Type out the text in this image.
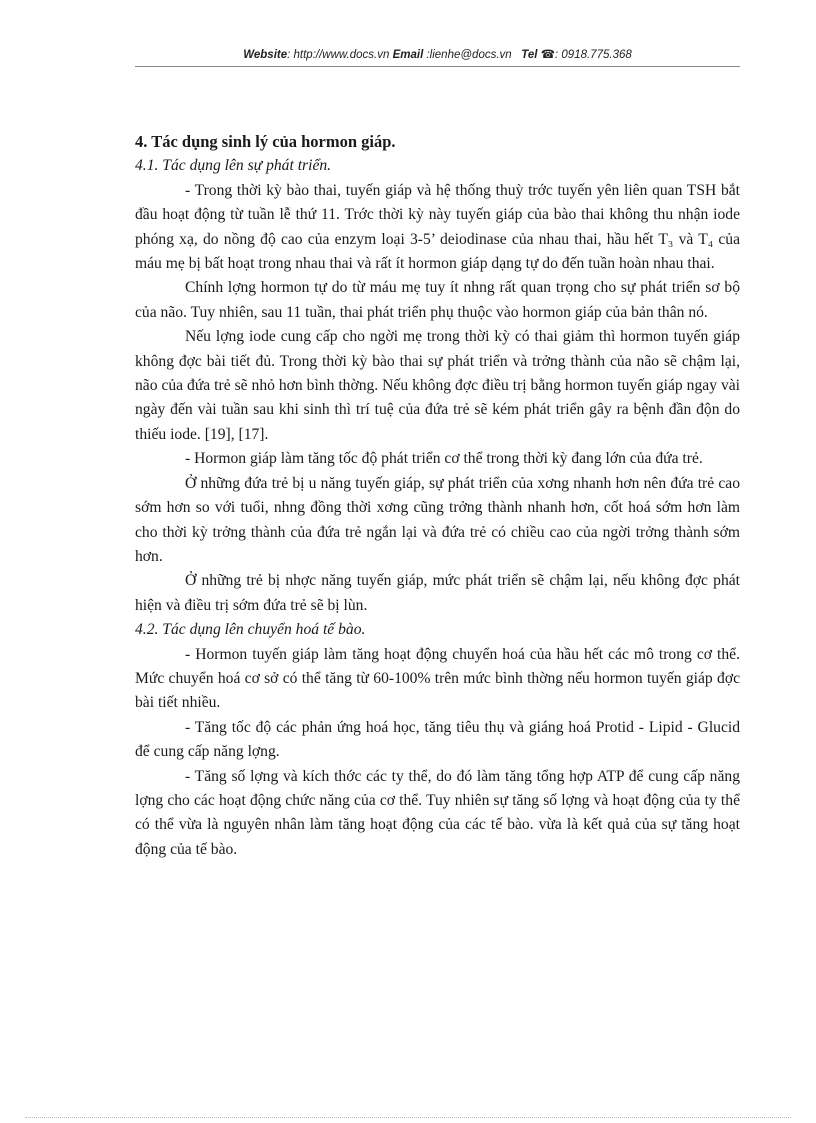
Website: http://www.docs.vn Email :lienhe@docs.vn Tel ☎: 0918.775.368
4. Tác dụng sinh lý của hormon giáp.
4.1. Tác dụng lên sự phát triển.
- Trong thời kỳ bào thai, tuyến giáp và hệ thống thuỳ trớc tuyến yên liên quan TSH bắt đầu hoạt động từ tuần lễ thứ 11. Trớc thời kỳ này tuyến giáp của bào thai không thu nhận iode phóng xạ, do nồng độ cao của enzym loại 3-5’ deiodinase của nhau thai, hầu hết T₃ và T₄ của máu mẹ bị bất hoạt trong nhau thai và rất ít hormon giáp dạng tự do đến tuần hoàn nhau thai.
Chính lợng hormon tự do từ máu mẹ tuy ít nhng rất quan trọng cho sự phát triển sơ bộ của não. Tuy nhiên, sau 11 tuần, thai phát triển phụ thuộc vào hormon giáp của bản thân nó.
Nếu lợng iode cung cấp cho ngời mẹ trong thời kỳ có thai giảm thì hormon tuyến giáp không đợc bài tiết đủ. Trong thời kỳ bào thai sự phát triển và trởng thành của não sẽ chậm lại, não của đứa trẻ sẽ nhỏ hơn bình thờng. Nếu không đợc điều trị bằng hormon tuyến giáp ngay vài ngày đến vài tuần sau khi sinh thì trí tuệ của đứa trẻ sẽ kém phát triển gây ra bệnh đần độn do thiếu iode. [19], [17].
- Hormon giáp làm tăng tốc độ phát triển cơ thể trong thời kỳ đang lớn của đứa trẻ.
Ở những đứa trẻ bị u năng tuyến giáp, sự phát triển của xơng nhanh hơn nên đứa trẻ cao sớm hơn so với tuổi, nhng đồng thời xơng cũng trởng thành nhanh hơn, cốt hoá sớm hơn làm cho thời kỳ trởng thành của đứa trẻ ngắn lại và đứa trẻ có chiều cao của ngời trởng thành sớm hơn.
Ở những trẻ bị nhợc năng tuyến giáp, mức phát triển sẽ chậm lại, nếu không đợc phát hiện và điều trị sớm đứa trẻ sẽ bị lùn.
4.2. Tác dụng lên chuyển hoá tế bào.
- Hormon tuyến giáp làm tăng hoạt động chuyển hoá của hầu hết các mô trong cơ thể. Mức chuyển hoá cơ sở có thể tăng từ 60-100% trên mức bình thờng nếu hormon tuyến giáp đợc bài tiết nhiều.
- Tăng tốc độ các phản ứng hoá học, tăng tiêu thụ và giáng hoá Protid - Lipid - Glucid để cung cấp năng lợng.
- Tăng số lợng và kích thớc các ty thể, do đó làm tăng tổng hợp ATP để cung cấp năng lợng cho các hoạt động chức năng của cơ thể. Tuy nhiên sự tăng số lợng và hoạt động của ty thể có thể vừa là nguyên nhân làm tăng hoạt động của các tế bào. vừa là kết quả của sự tăng hoạt động của tế bào.
